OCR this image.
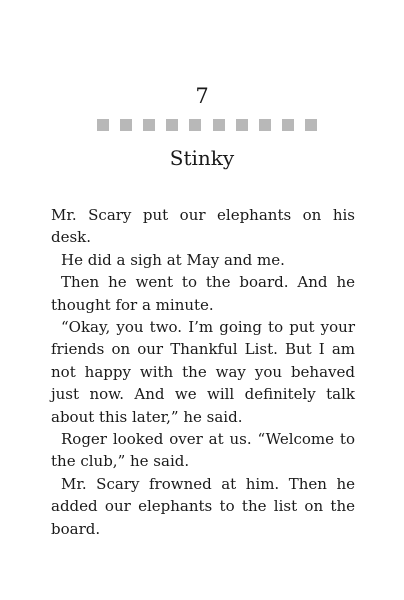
7
Stinky

Mr. Scary put our elephants on his desk.

He did a sigh at May and me.

Then he went to the board. And he thought for a minute.

“Okay, you two. I’m going to put your friends on our Thankful List. But I am not happy with the way you behaved just now. And we will definitely talk about this later,” he said.

Roger looked over at us. “Welcome to the club,” he said.

Mr. Scary frowned at him. Then he added our elephants to the list on the board.
